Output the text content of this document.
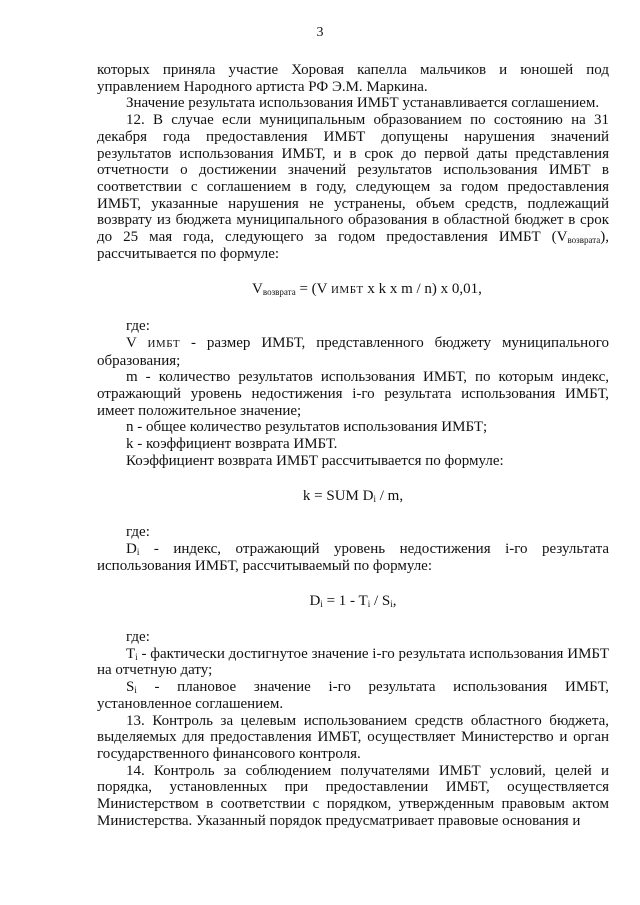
3

которых приняла участие Хоровая капелла мальчиков и юношей под управлением Народного артиста РФ Э.М. Маркина.

Значение результата использования ИМБТ устанавливается соглашением.

12. В случае если муниципальным образованием по состоянию на 31 декабря года предоставления ИМБТ допущены нарушения значений результатов использования ИМБТ, и в срок до первой даты представления отчетности о достижении значений результатов использования ИМБТ в соответствии с соглашением в году, следующем за годом предоставления ИМБТ, указанные нарушения не устранены, объем средств, подлежащий возврату из бюджета муниципального образования в областной бюджет в срок до 25 мая года, следующего за годом предоставления ИМБТ $(V_{возврата})$, рассчитывается по формуле:

$V_{возврата} = (V$ ИМБТ x k x m / n) x 0,01,

где:

V ИМБТ - размер ИМБТ, представленного бюджету муниципального образования;

m - количество результатов использования ИМБТ, по которым индекс, отражающий уровень недостижения i-го результата использования ИМБТ, имеет положительное значение;

n - общее количество результатов использования ИМБТ;

k - коэффициент возврата ИМБТ.

Коэффициент возврата ИМБТ рассчитывается по формуле:

k = SUM $D_i$ / m,

где:

$D_i$ - индекс, отражающий уровень недостижения i-го результата использования ИМБТ, рассчитываемый по формуле:

$D_i = 1 - T_i / S_i$,

где:

$T_i$ - фактически достигнутое значение i-го результата использования ИМБТ на отчетную дату;

$S_i$ - плановое значение i-го результата использования ИМБТ, установленное соглашением.

13. Контроль за целевым использованием средств областного бюджета, выделяемых для предоставления ИМБТ, осуществляет Министерство и орган государственного финансового контроля.

14. Контроль за соблюдением получателями ИМБТ условий, целей и порядка, установленных при предоставлении ИМБТ, осуществляется Министерством в соответствии с порядком, утвержденным правовым актом Министерства. Указанный порядок предусматривает правовые основания и
